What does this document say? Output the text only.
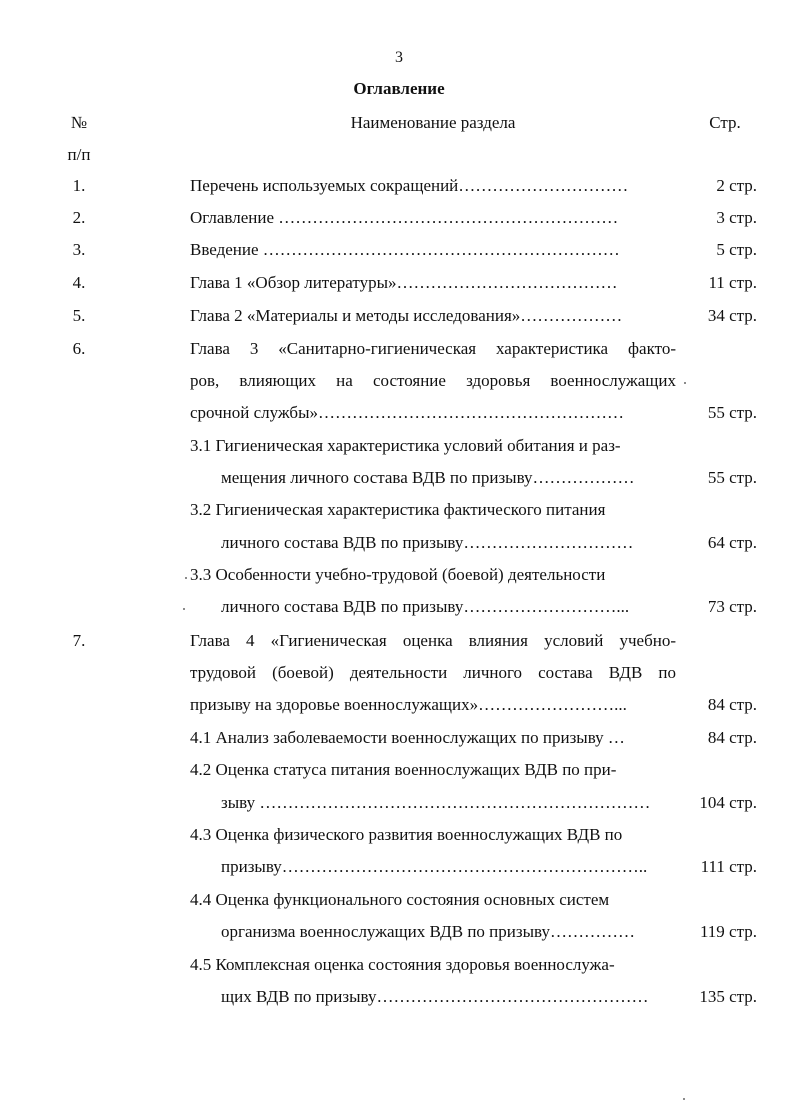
3
Оглавление
№
п/п
Наименование раздела	Стр.
1.	Перечень используемых сокращений…………………………	2 стр.
2.	Оглавление ……………………………………………………	3 стр.
3.	Введение ………………………………………………………	5 стр.
4.	Глава 1 «Обзор литературы»…………………………………	11 стр.
5.	Глава 2 «Материалы и методы исследования»………………	34 стр.
6.	Глава 3 «Санитарно-гигиеническая характеристика факто-
ров, влияющих на состояние здоровья военнослужащих
срочной службы»………………………………………………	55 стр.
3.1 Гигиеническая характеристика условий обитания и раз-
мещения личного состава ВДВ по призыву………………	55 стр.
3.2 Гигиеническая характеристика фактического питания
личного состава ВДВ по призыву…………………………	64 стр.
3.3 Особенности учебно-трудовой (боевой) деятельности
личного состава ВДВ по призыву………………………...	73 стр.
7.	Глава 4 «Гигиеническая оценка влияния условий учебно-
трудовой (боевой) деятельности личного состава ВДВ по
призыву на здоровье военнослужащих»……………………...	84 стр.
4.1 Анализ заболеваемости военнослужащих по призыву …	84 стр.
4.2 Оценка статуса питания военнослужащих ВДВ по при-
зыву ……………………………………………………………	104 стр.
4.3 Оценка физического развития военнослужащих ВДВ по
призыву………………………………………………………..	111 стр.
4.4 Оценка функционального состояния основных систем
организма военнослужащих ВДВ по призыву……………	119 стр.
4.5 Комплексная оценка состояния здоровья военнослужа-
щих ВДВ по призыву…………………………………………	135 стр.
